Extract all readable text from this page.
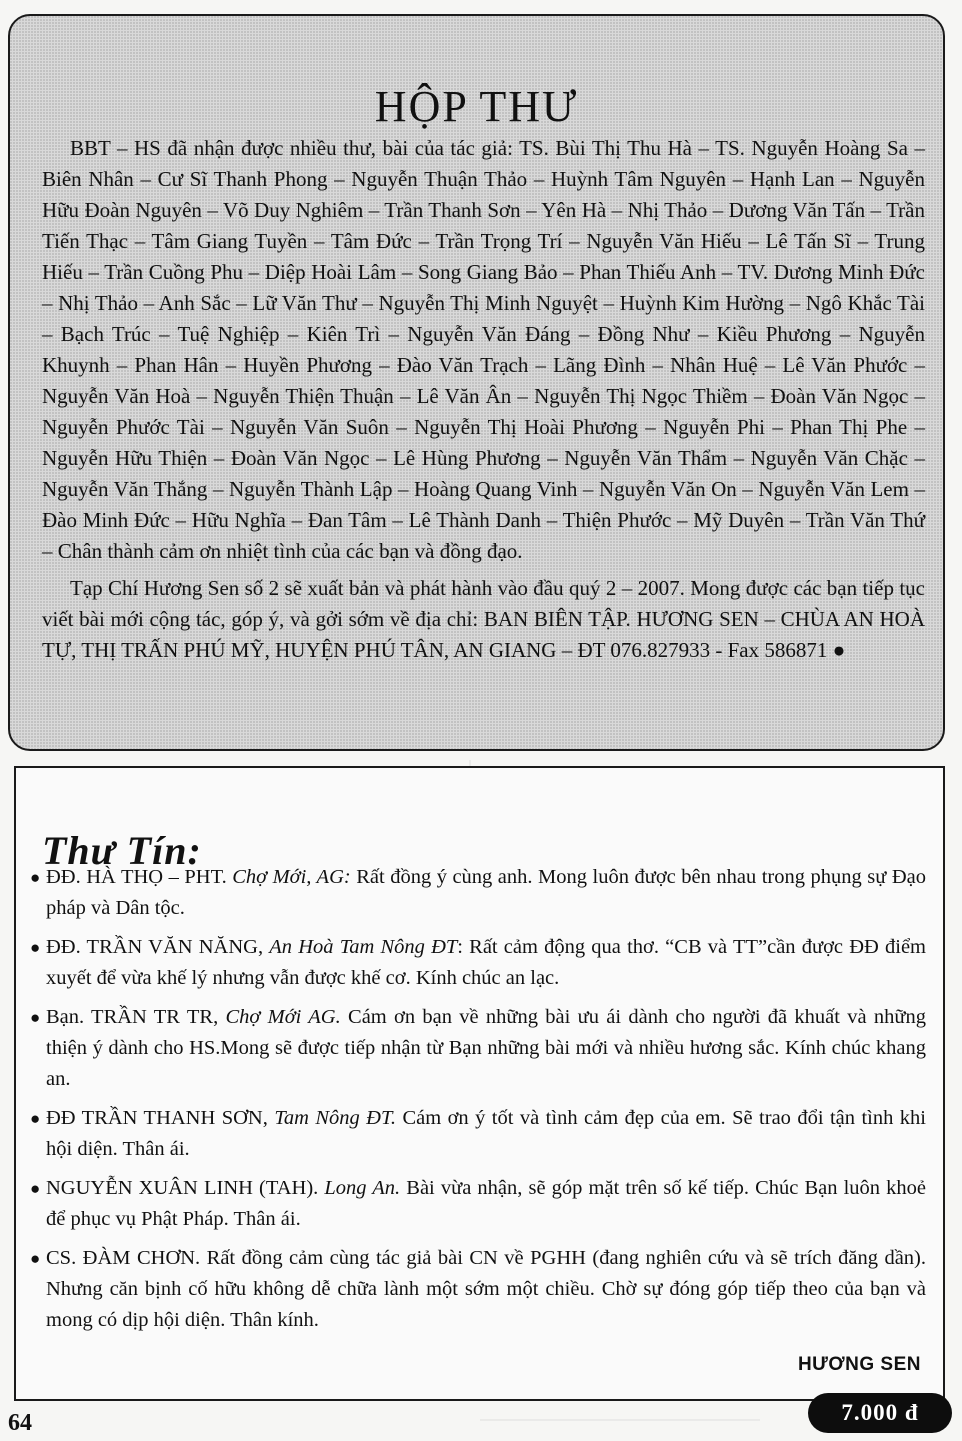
HỘP THƯ

BBT – HS đã nhận được nhiều thư, bài của tác giả: TS. Bùi Thị Thu Hà – TS. Nguyễn Hoàng Sa – Biên Nhân – Cư Sĩ Thanh Phong – Nguyễn Thuận Thảo – Huỳnh Tâm Nguyên – Hạnh Lan – Nguyễn Hữu Đoàn Nguyên – Võ Duy Nghiêm – Trần Thanh Sơn – Yên Hà – Nhị Thảo – Dương Văn Tấn – Trần Tiến Thạc – Tâm Giang Tuyền – Tâm Đức – Trần Trọng Trí – Nguyễn Văn Hiếu – Lê Tấn Sĩ – Trung Hiếu – Trần Cuồng Phu – Diệp Hoài Lâm – Song Giang Bảo – Phan Thiếu Anh – TV. Dương Minh Đức – Nhị Thảo – Anh Sắc – Lữ Văn Thư – Nguyễn Thị Minh Nguyệt – Huỳnh Kim Hường – Ngô Khắc Tài – Bạch Trúc – Tuệ Nghiệp – Kiên Trì – Nguyễn Văn Đáng – Đồng Như – Kiều Phương – Nguyễn Khuynh – Phan Hân – Huyền Phương – Đào Văn Trạch – Lãng Đình – Nhân Huệ – Lê Văn Phước – Nguyễn Văn Hoà – Nguyễn Thiện Thuận – Lê Văn Ân – Nguyễn Thị Ngọc Thiềm – Đoàn Văn Ngọc – Nguyễn Phước Tài – Nguyễn Văn Suôn – Nguyễn Thị Hoài Phương – Nguyễn Phi – Phan Thị Phe – Nguyễn Hữu Thiện – Đoàn Văn Ngọc – Lê Hùng Phương – Nguyễn Văn Thẩm – Nguyễn Văn Chặc – Nguyễn Văn Thắng – Nguyễn Thành Lập – Hoàng Quang Vinh – Nguyễn Văn On – Nguyễn Văn Lem – Đào Minh Đức – Hữu Nghĩa – Đan Tâm – Lê Thành Danh – Thiện Phước – Mỹ Duyên – Trần Văn Thứ – Chân thành cảm ơn nhiệt tình của các bạn và đồng đạo.

Tạp Chí Hương Sen số 2 sẽ xuất bản và phát hành vào đầu quý 2 – 2007. Mong được các bạn tiếp tục viết bài mới cộng tác, góp ý, và gởi sớm về địa chỉ: BAN BIÊN TẬP. HƯƠNG SEN – CHÙA AN HOÀ TỰ, THỊ TRẤN PHÚ MỸ, HUYỆN PHÚ TÂN, AN GIANG – ĐT 076.827933 - Fax 586871 ●

Thư Tín:
● ĐĐ. HÀ THỌ – PHT. Chợ Mới, AG: Rất đồng ý cùng anh. Mong luôn được bên nhau trong phụng sự Đạo pháp và Dân tộc.
● ĐĐ. TRẦN VĂN NĂNG, An Hoà Tam Nông ĐT: Rất cảm động qua thơ. “CB và TT”cần được ĐĐ điểm xuyết để vừa khế lý nhưng vẫn được khế cơ. Kính chúc an lạc.
● Bạn. TRẦN TR TR, Chợ Mới AG. Cám ơn bạn về những bài ưu ái dành cho người đã khuất và những thiện ý dành cho HS.Mong sẽ được tiếp nhận từ Bạn những bài mới và nhiều hương sắc. Kính chúc khang an.
● ĐĐ TRẦN THANH SƠN, Tam Nông ĐT. Cám ơn ý tốt và tình cảm đẹp của em. Sẽ trao đổi tận tình khi hội diện. Thân ái.
● NGUYỄN XUÂN LINH (TAH). Long An. Bài vừa nhận, sẽ góp mặt trên số kế tiếp. Chúc Bạn luôn khoẻ để phục vụ Phật Pháp. Thân ái.
● CS. ĐÀM CHƠN. Rất đồng cảm cùng tác giả bài CN về PGHH (đang nghiên cứu và sẽ trích đăng dần). Nhưng căn bịnh cố hữu không dễ chữa lành một sớm một chiều. Chờ sự đóng góp tiếp theo của bạn và mong có dịp hội diện. Thân kính.
HƯƠNG SEN
64	7.000 đ
